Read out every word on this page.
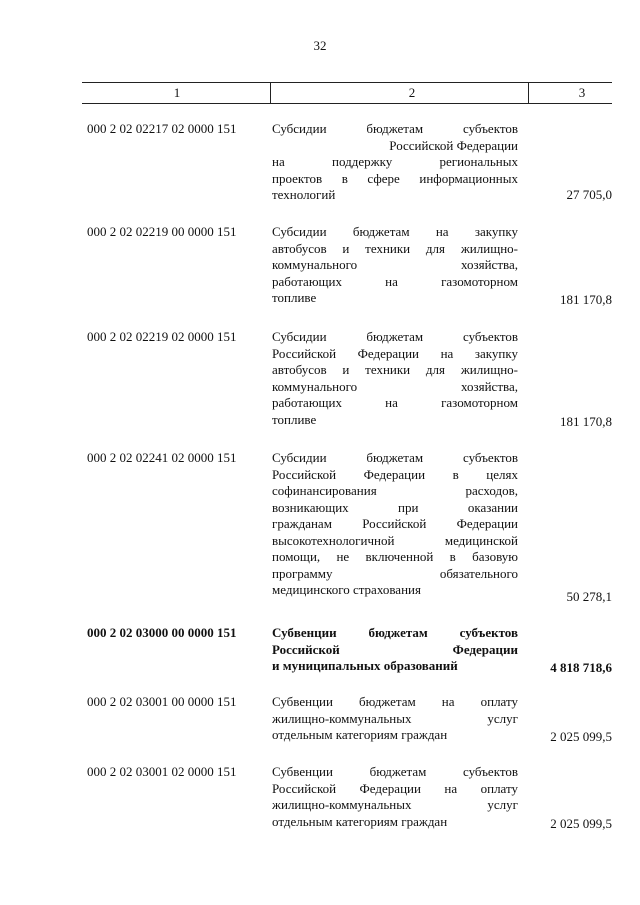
32
1	2	3
000 2 02 02217 02 0000 151	Субсидии бюджетам субъектов
Российской Федерации
на поддержку региональных
проектов в сфере информационных
технологий	27 705,0
000 2 02 02219 00 0000 151	Субсидии бюджетам на закупку
автобусов и техники для жилищно-
коммунального хозяйства,
работающих на газомоторном
топливе	181 170,8
000 2 02 02219 02 0000 151	Субсидии бюджетам субъектов
Российской Федерации на закупку
автобусов и техники для жилищно-
коммунального хозяйства,
работающих на газомоторном
топливе	181 170,8
000 2 02 02241 02 0000 151	Субсидии бюджетам субъектов
Российской Федерации в целях
софинансирования расходов,
возникающих при оказании
гражданам Российской Федерации
высокотехнологичной медицинской
помощи, не включенной в базовую
программу обязательного
медицинского страхования	50 278,1
000 2 02 03000 00 0000 151	Субвенции бюджетам субъектов
Российской Федерации
и муниципальных образований	4 818 718,6
000 2 02 03001 00 0000 151	Субвенции бюджетам на оплату
жилищно-коммунальных услуг
отдельным категориям граждан	2 025 099,5
000 2 02 03001 02 0000 151	Субвенции бюджетам субъектов
Российской Федерации на оплату
жилищно-коммунальных услуг
отдельным категориям граждан	2 025 099,5
